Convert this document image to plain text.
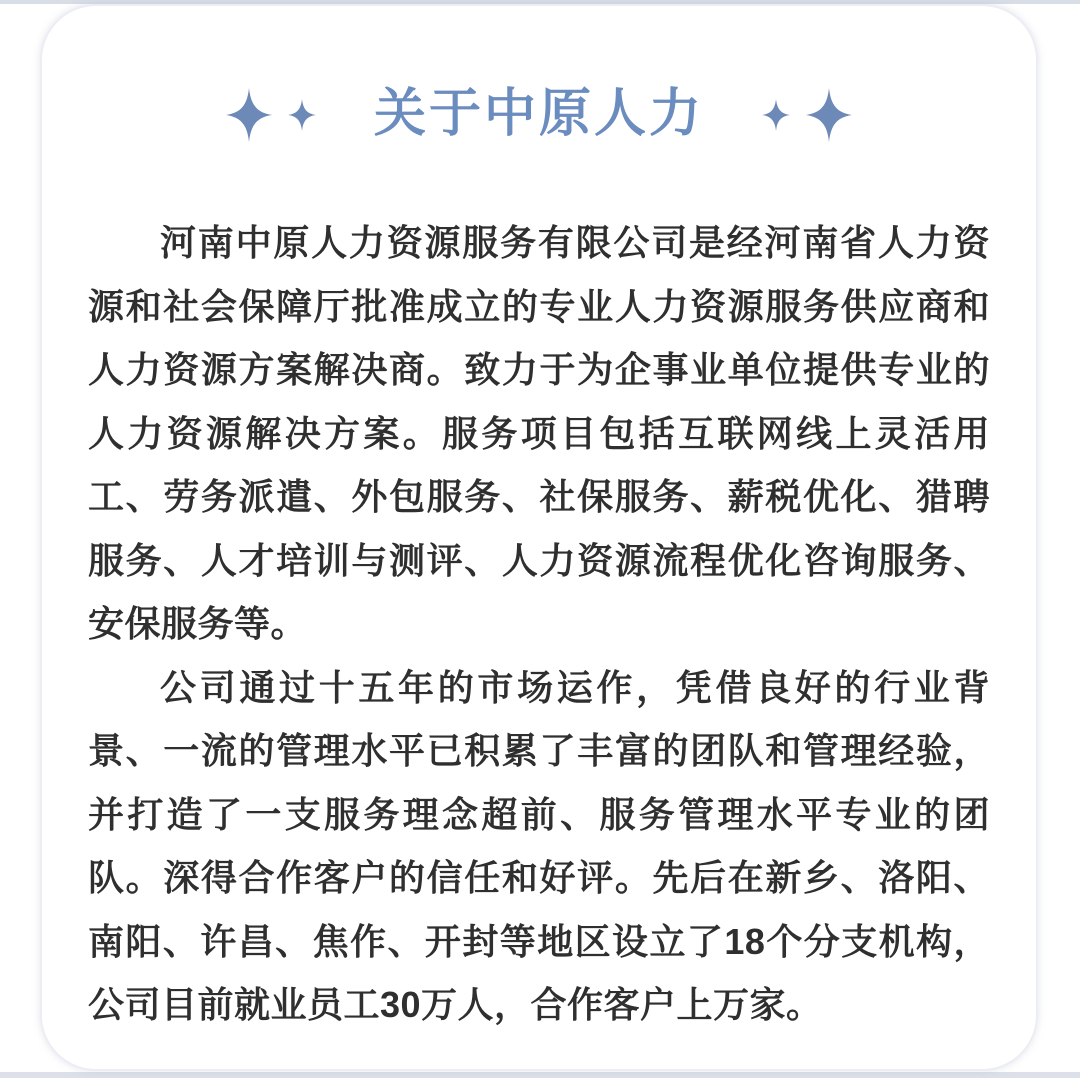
关于中原人力

河南中原人力资源服务有限公司是经河南省人力资源和社会保障厅批准成立的专业人力资源服务供应商和人力资源方案解决商。致力于为企事业单位提供专业的人力资源解决方案。服务项目包括互联网线上灵活用工、劳务派遣、外包服务、社保服务、薪税优化、猎聘服务、人才培训与测评、人力资源流程优化咨询服务、安保服务等。

公司通过十五年的市场运作，凭借良好的行业背景、一流的管理水平已积累了丰富的团队和管理经验，并打造了一支服务理念超前、服务管理水平专业的团队。深得合作客户的信任和好评。先后在新乡、洛阳、南阳、许昌、焦作、开封等地区设立了18个分支机构，公司目前就业员工30万人，合作客户上万家。
